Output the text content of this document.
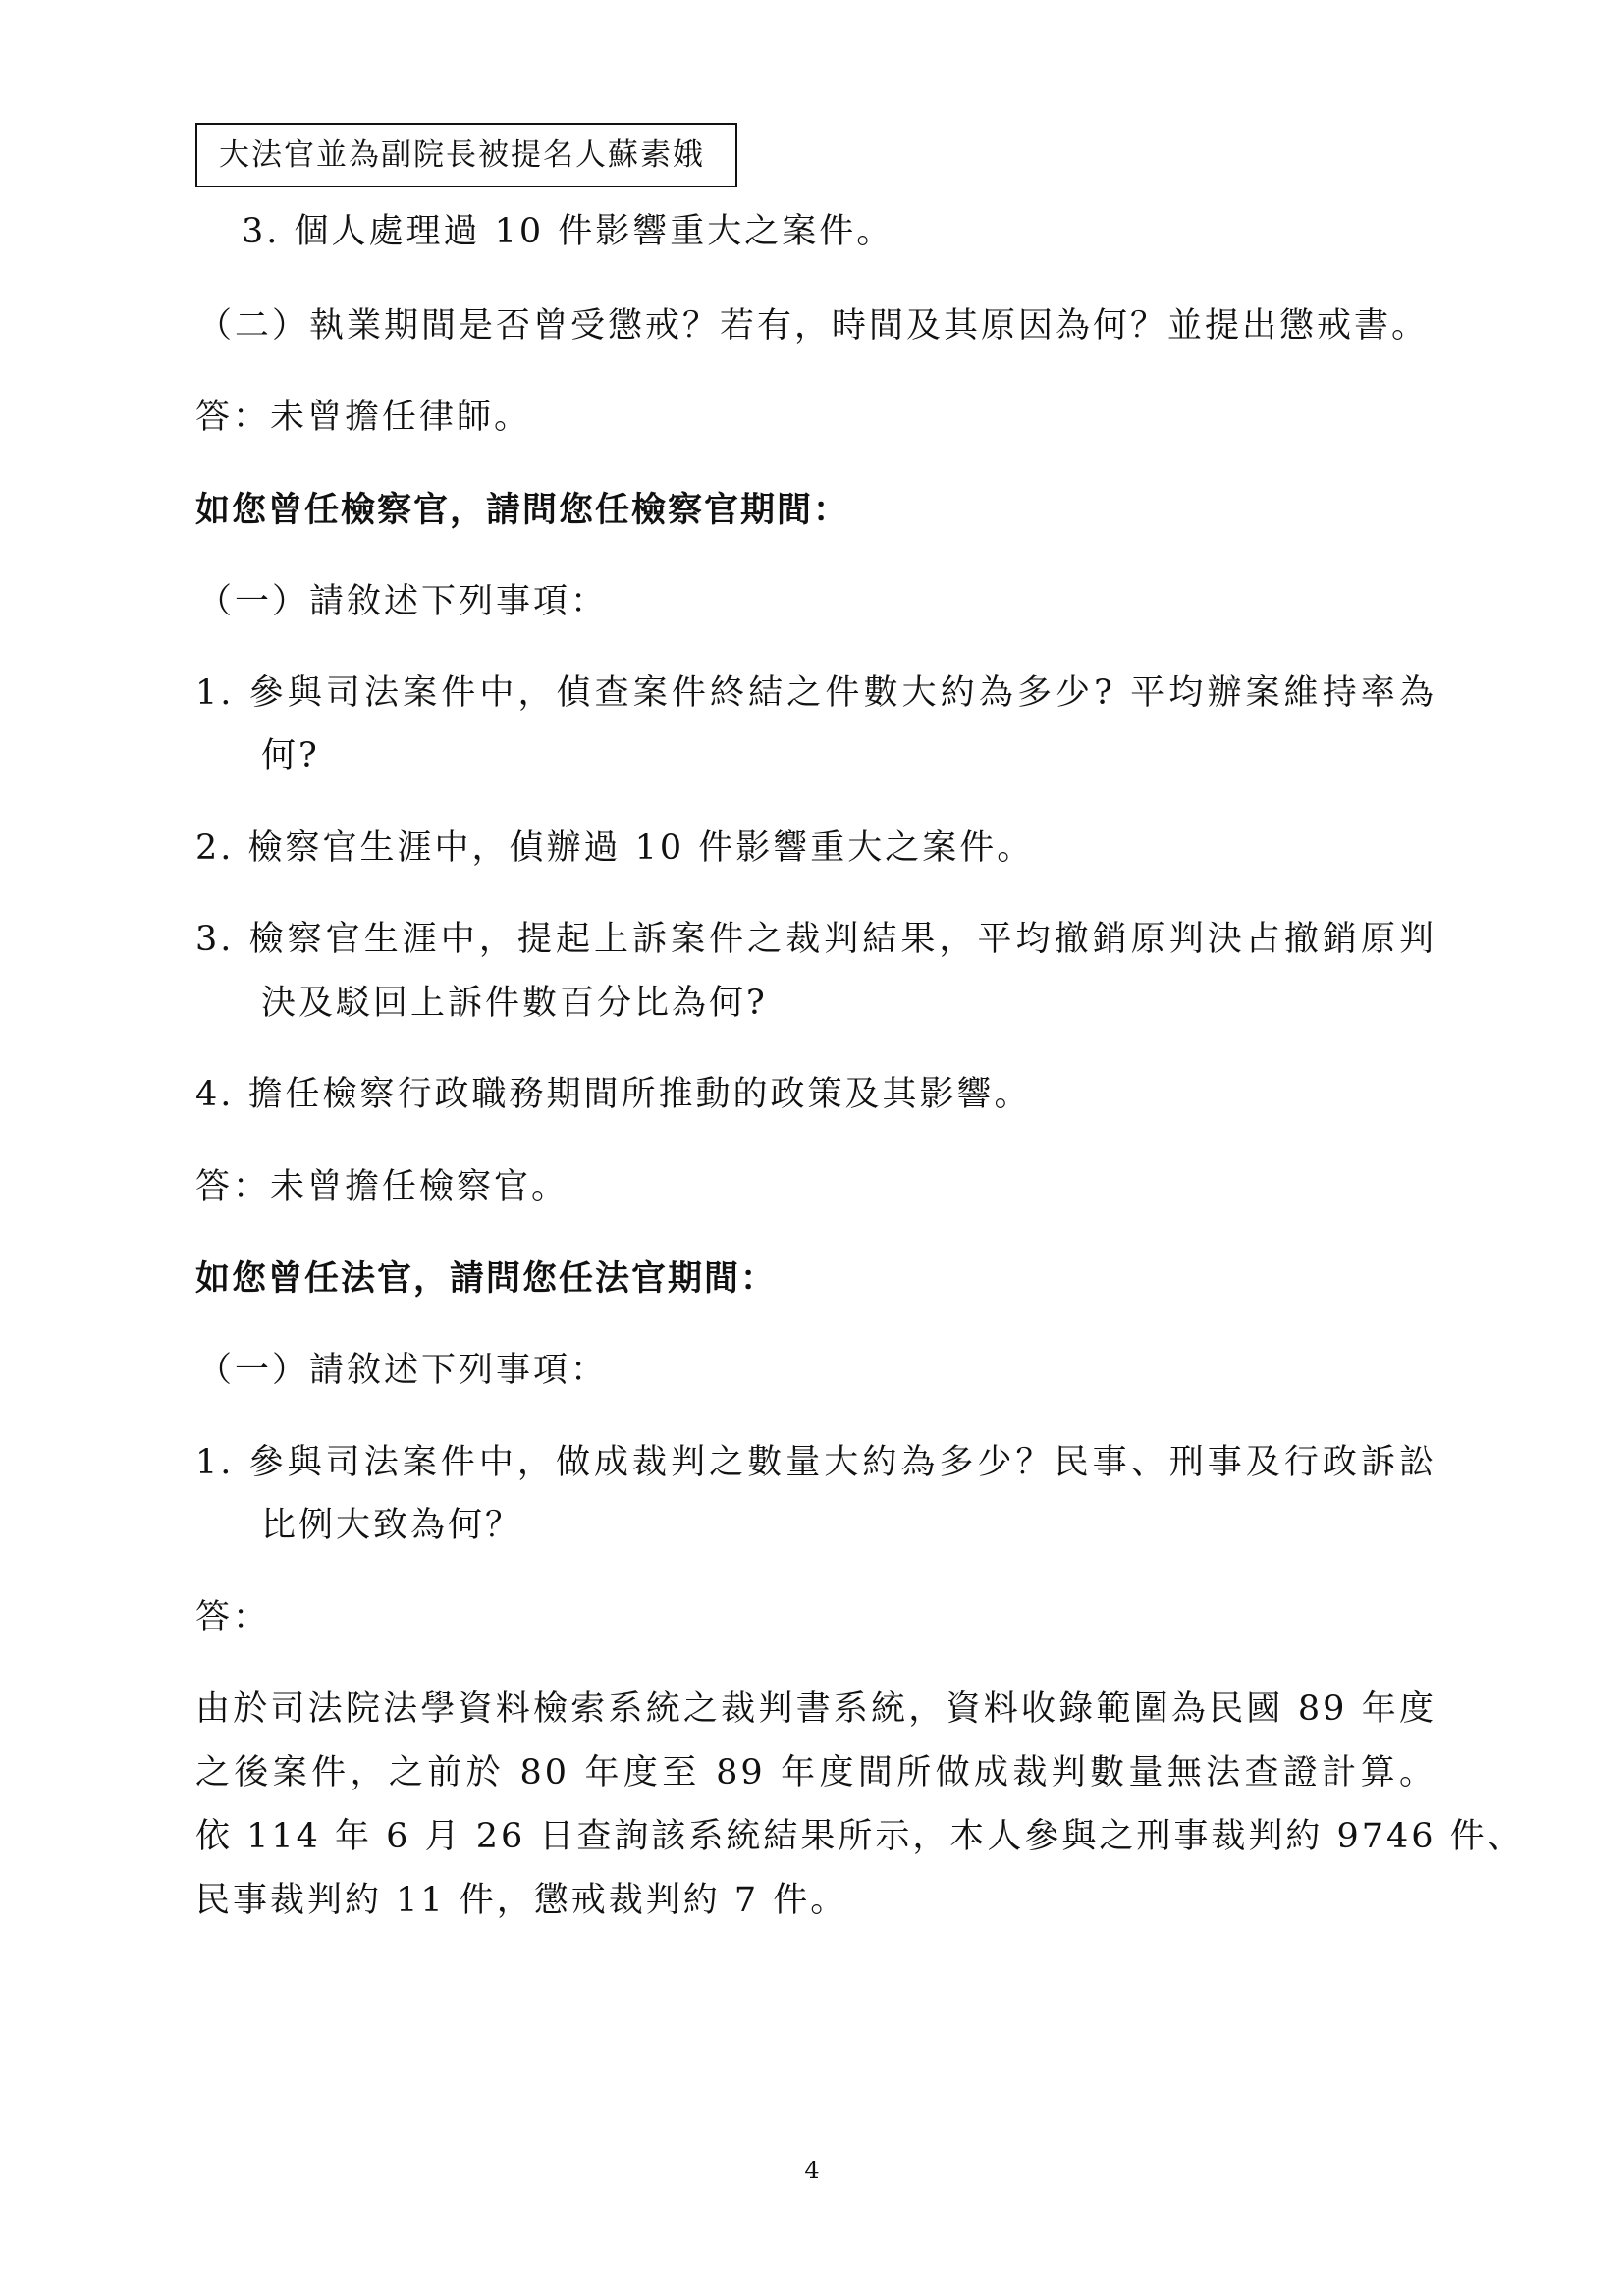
大法官並為副院長被提名人蘇素娥
3. 個人處理過 10 件影響重大之案件。
（二）執業期間是否曾受懲戒？若有，時間及其原因為何？並提出懲戒書。
答：未曾擔任律師。
如您曾任檢察官，請問您任檢察官期間：
（一）請敘述下列事項：
1. 參與司法案件中，偵查案件終結之件數大約為多少? 平均辦案維持率為
何?
2. 檢察官生涯中，偵辦過 10 件影響重大之案件。
3. 檢察官生涯中，提起上訴案件之裁判結果，平均撤銷原判決占撤銷原判
決及駁回上訴件數百分比為何?
4. 擔任檢察行政職務期間所推動的政策及其影響。
答：未曾擔任檢察官。
如您曾任法官，請問您任法官期間：
（一）請敘述下列事項：
1. 參與司法案件中，做成裁判之數量大約為多少？民事、刑事及行政訴訟
比例大致為何？
答：
由於司法院法學資料檢索系統之裁判書系統，資料收錄範圍為民國 89 年度
之後案件，之前於 80 年度至 89 年度間所做成裁判數量無法查證計算。
依 114 年 6 月 26 日查詢該系統結果所示，本人參與之刑事裁判約 9746 件、
民事裁判約 11 件，懲戒裁判約 7 件。
4
